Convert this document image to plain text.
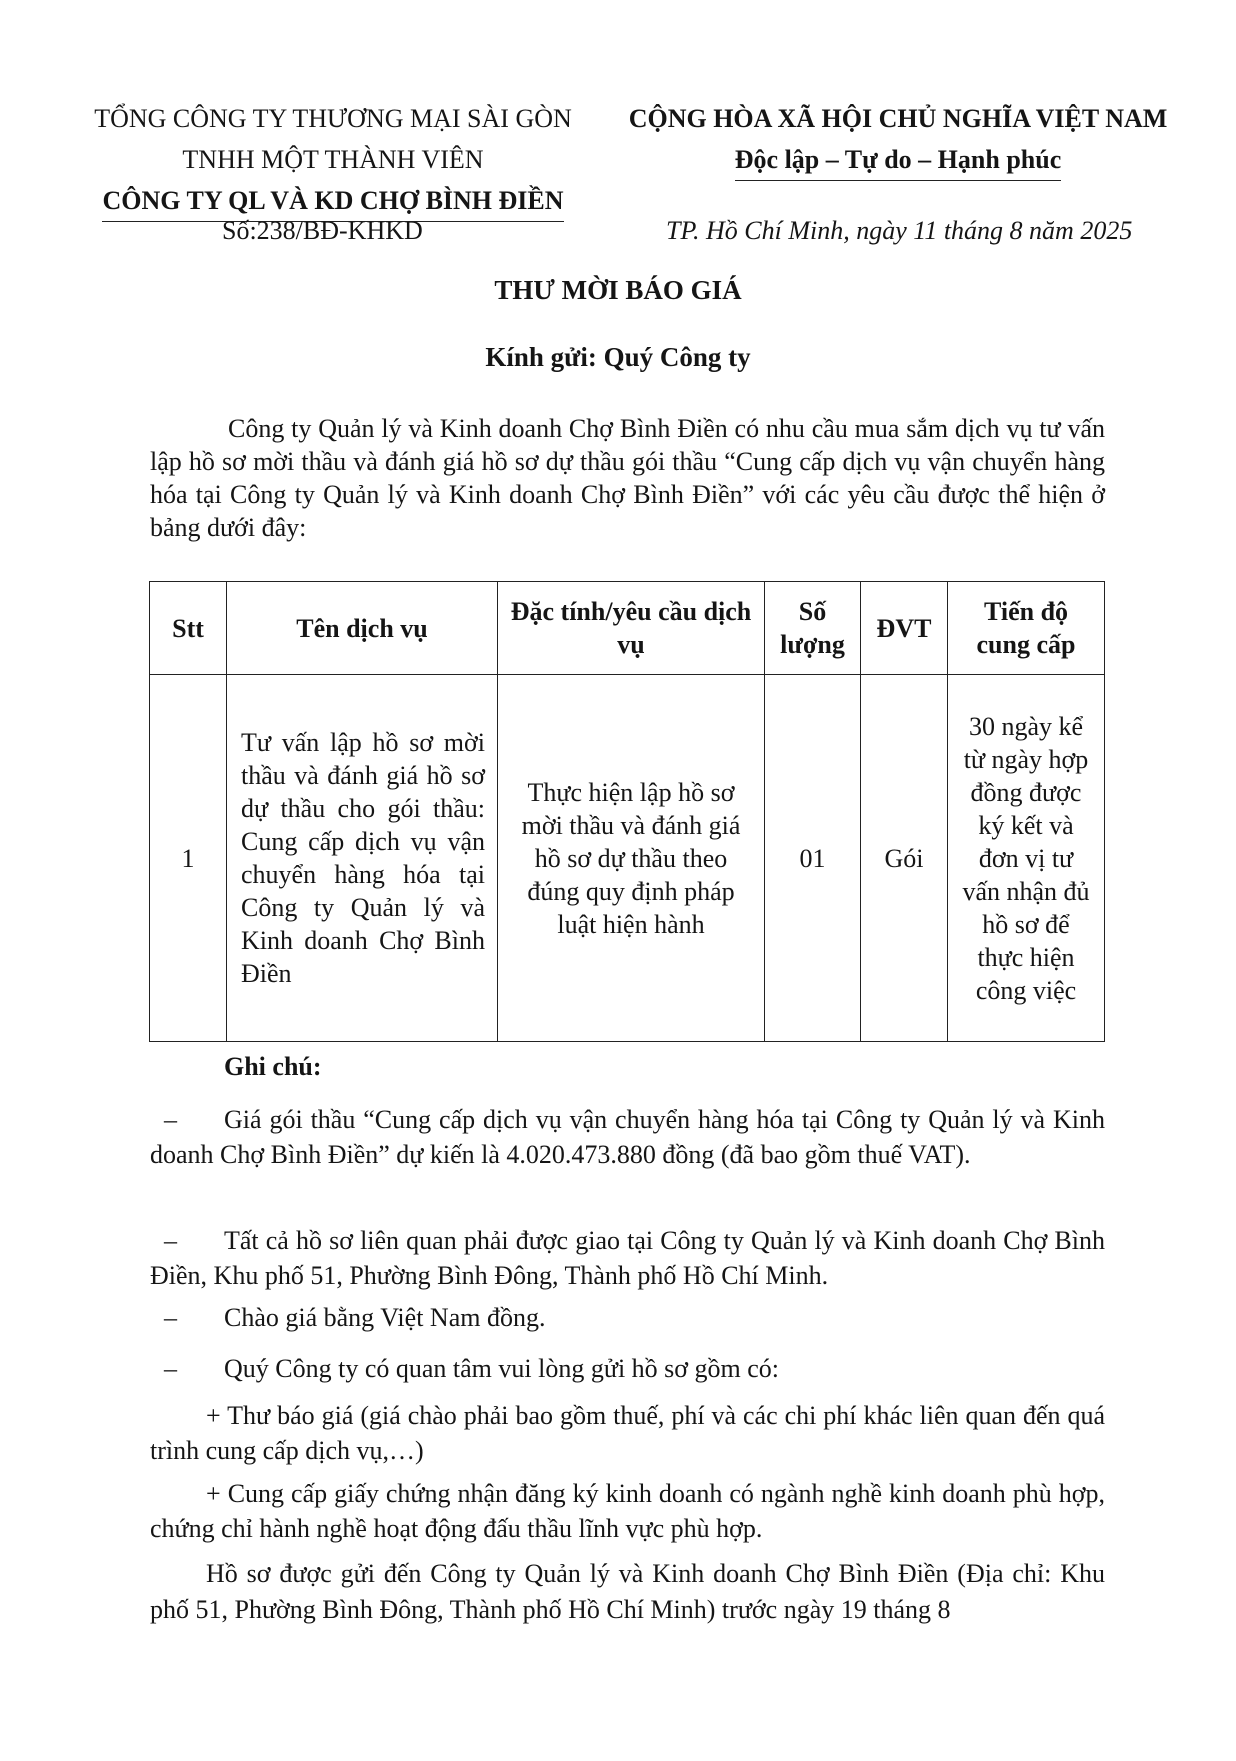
TỔNG CÔNG TY THƯƠNG MẠI SÀI GÒN
TNHH MỘT THÀNH VIÊN
CÔNG TY QL VÀ KD CHỢ BÌNH ĐIỀN
CỘNG HÒA XÃ HỘI CHỦ NGHĨA VIỆT NAM
Độc lập – Tự do – Hạnh phúc
Số:238/BĐ-KHKD	TP. Hồ Chí Minh, ngày 11 tháng 8 năm 2025
THƯ MỜI BÁO GIÁ
Kính gửi: Quý Công ty
Công ty Quản lý và Kinh doanh Chợ Bình Điền có nhu cầu mua sắm dịch vụ tư vấn lập hồ sơ mời thầu và đánh giá hồ sơ dự thầu gói thầu “Cung cấp dịch vụ vận chuyển hàng hóa tại Công ty Quản lý và Kinh doanh Chợ Bình Điền” với các yêu cầu được thể hiện ở bảng dưới đây:
Stt	Tên dịch vụ	Đặc tính/yêu cầu dịch vụ	Số lượng	ĐVT	Tiến độ cung cấp
1	Tư vấn lập hồ sơ mời thầu và đánh giá hồ sơ dự thầu cho gói thầu: Cung cấp dịch vụ vận chuyển hàng hóa tại Công ty Quản lý và Kinh doanh Chợ Bình Điền	Thực hiện lập hồ sơ mời thầu và đánh giá hồ sơ dự thầu theo đúng quy định pháp luật hiện hành	01	Gói	30 ngày kể từ ngày hợp đồng được ký kết và đơn vị tư vấn nhận đủ hồ sơ để thực hiện công việc
Ghi chú:
– Giá gói thầu “Cung cấp dịch vụ vận chuyển hàng hóa tại Công ty Quản lý và Kinh doanh Chợ Bình Điền” dự kiến là 4.020.473.880 đồng (đã bao gồm thuế VAT).
– Tất cả hồ sơ liên quan phải được giao tại Công ty Quản lý và Kinh doanh Chợ Bình Điền, Khu phố 51, Phường Bình Đông, Thành phố Hồ Chí Minh.
– Chào giá bằng Việt Nam đồng.
– Quý Công ty có quan tâm vui lòng gửi hồ sơ gồm có:
+ Thư báo giá (giá chào phải bao gồm thuế, phí và các chi phí khác liên quan đến quá trình cung cấp dịch vụ,…)
+ Cung cấp giấy chứng nhận đăng ký kinh doanh có ngành nghề kinh doanh phù hợp, chứng chỉ hành nghề hoạt động đấu thầu lĩnh vực phù hợp.
Hồ sơ được gửi đến Công ty Quản lý và Kinh doanh Chợ Bình Điền (Địa chỉ: Khu phố 51, Phường Bình Đông, Thành phố Hồ Chí Minh) trước ngày 19 tháng 8
